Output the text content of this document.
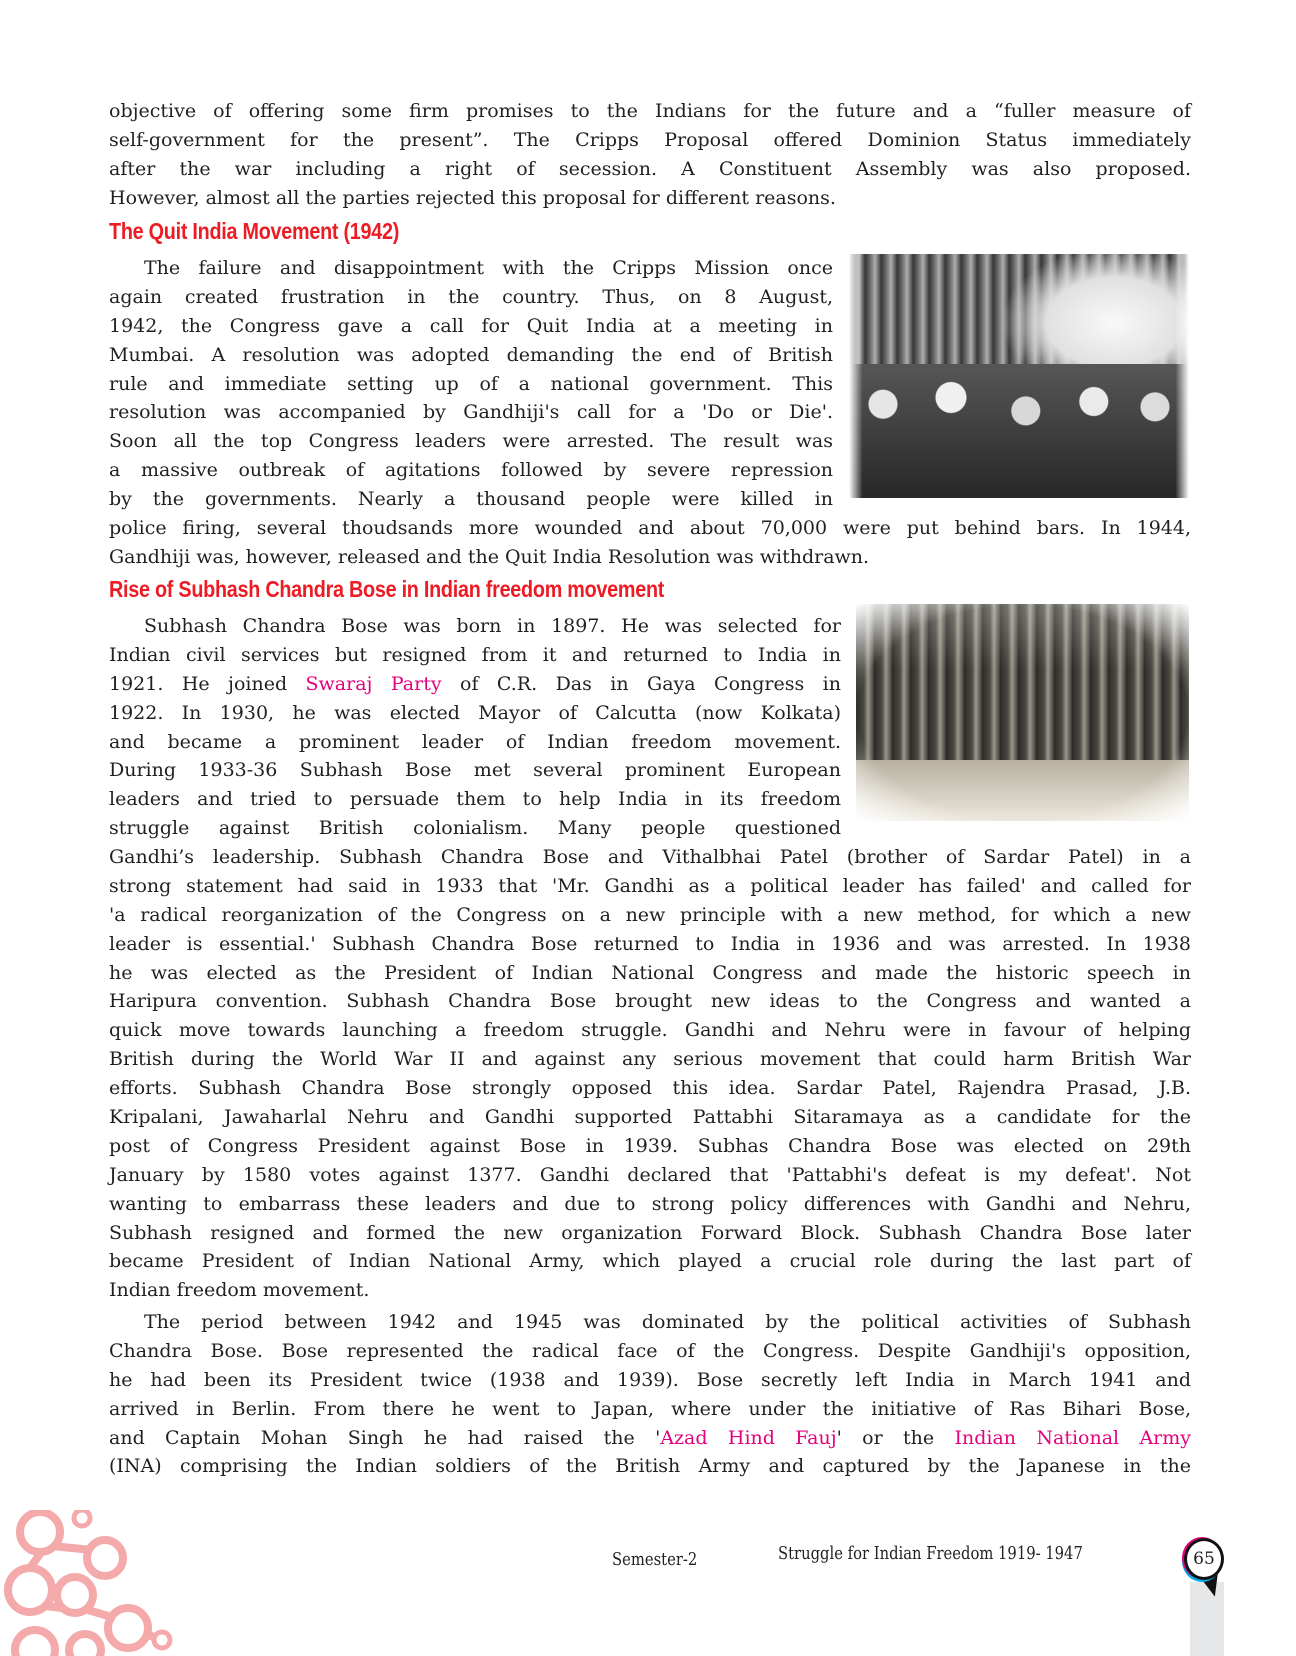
objective of offering some firm promises to the Indians for the future and a “fuller measure of
self-government for the present”. The Cripps Proposal offered Dominion Status immediately
after the war including a right of secession. A Constituent Assembly was also proposed.
However, almost all the parties rejected this proposal for different reasons.
The Quit India Movement (1942)
The failure and disappointment with the Cripps Mission once
again created frustration in the country. Thus, on 8 August,
1942, the Congress gave a call for Quit India at a meeting in
Mumbai. A resolution was adopted demanding the end of British
rule and immediate setting up of a national government. This
resolution was accompanied by Gandhiji's call for a 'Do or Die'.
Soon all the top Congress leaders were arrested. The result was
a massive outbreak of agitations followed by severe repression
by the governments. Nearly a thousand people were killed in
police firing, several thoudsands more wounded and about 70,000 were put behind bars. In 1944,
Gandhiji was, however, released and the Quit India Resolution was withdrawn.
Rise of Subhash Chandra Bose in Indian freedom movement
Subhash Chandra Bose was born in 1897. He was selected for
Indian civil services but resigned from it and returned to India in
1921. He joined Swaraj Party of C.R. Das in Gaya Congress in
1922. In 1930, he was elected Mayor of Calcutta (now Kolkata)
and became a prominent leader of Indian freedom movement.
During 1933-36 Subhash Bose met several prominent European
leaders and tried to persuade them to help India in its freedom
struggle against British colonialism. Many people questioned
Gandhi’s leadership. Subhash Chandra Bose and Vithalbhai Patel (brother of Sardar Patel) in a
strong statement had said in 1933 that 'Mr. Gandhi as a political leader has failed' and called for
'a radical reorganization of the Congress on a new principle with a new method, for which a new
leader is essential.' Subhash Chandra Bose returned to India in 1936 and was arrested. In 1938
he was elected as the President of Indian National Congress and made the historic speech in
Haripura convention. Subhash Chandra Bose brought new ideas to the Congress and wanted a
quick move towards launching a freedom struggle. Gandhi and Nehru were in favour of helping
British during the World War II and against any serious movement that could harm British War
efforts. Subhash Chandra Bose strongly opposed this idea. Sardar Patel, Rajendra Prasad, J.B.
Kripalani, Jawaharlal Nehru and Gandhi supported Pattabhi Sitaramaya as a candidate for the
post of Congress President against Bose in 1939. Subhas Chandra Bose was elected on 29th
January by 1580 votes against 1377. Gandhi declared that 'Pattabhi's defeat is my defeat'. Not
wanting to embarrass these leaders and due to strong policy differences with Gandhi and Nehru,
Subhash resigned and formed the new organization Forward Block. Subhash Chandra Bose later
became President of Indian National Army, which played a crucial role during the last part of
Indian freedom movement.
The period between 1942 and 1945 was dominated by the political activities of Subhash
Chandra Bose. Bose represented the radical face of the Congress. Despite Gandhiji's opposition,
he had been its President twice (1938 and 1939). Bose secretly left India in March 1941 and
arrived in Berlin. From there he went to Japan, where under the initiative of Ras Bihari Bose,
and Captain Mohan Singh he had raised the 'Azad Hind Fauj' or the Indian National Army
(INA) comprising the Indian soldiers of the British Army and captured by the Japanese in the
Semester-2	Struggle for Indian Freedom 1919- 1947	65
